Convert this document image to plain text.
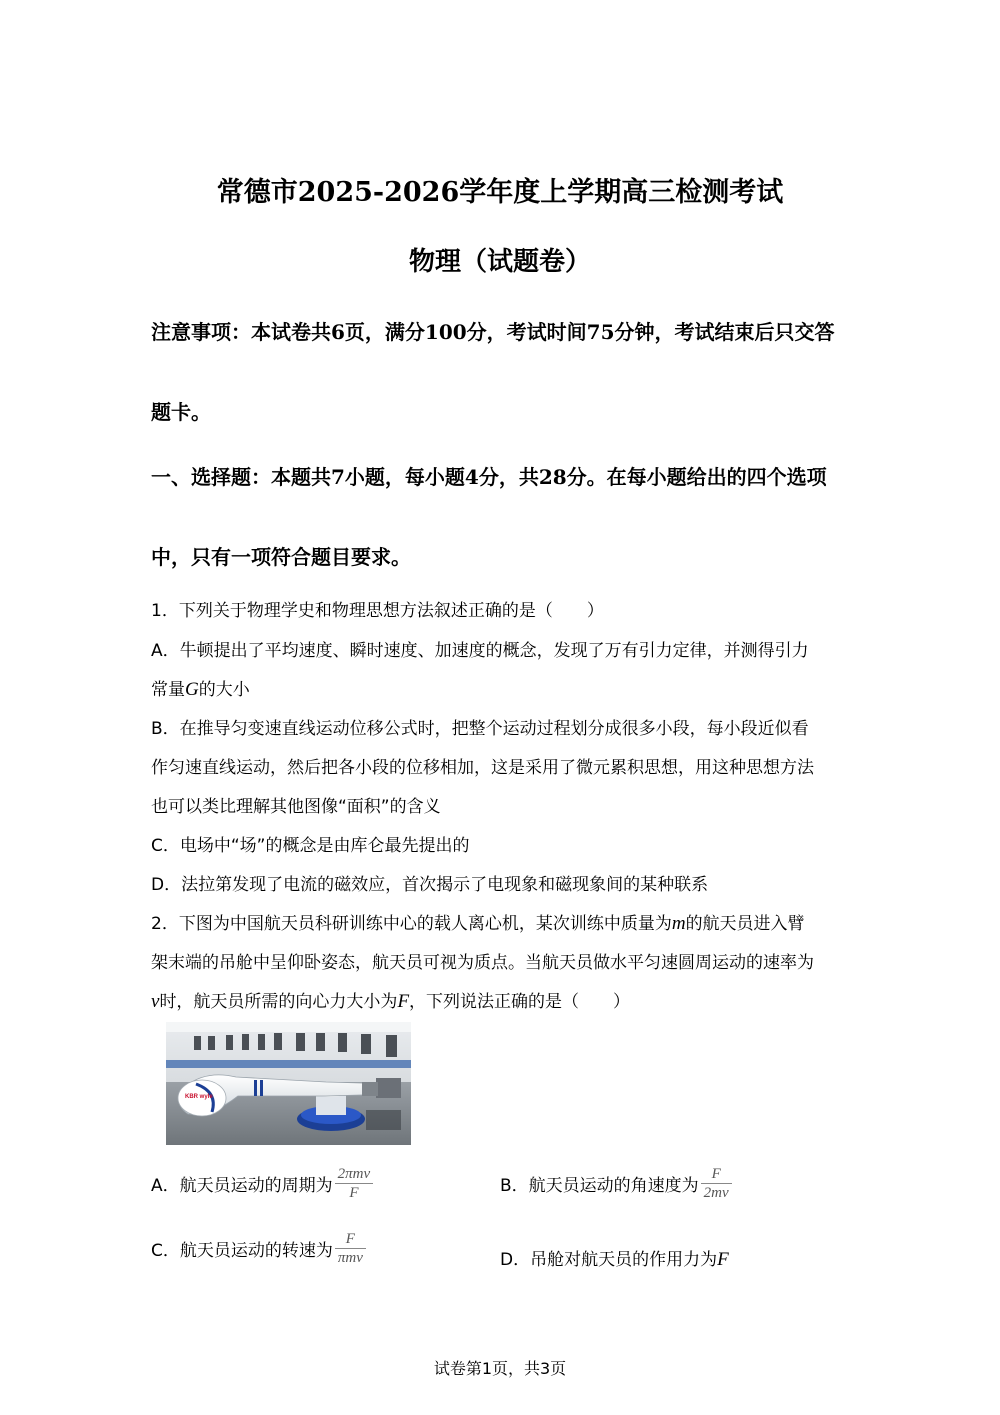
常德市2025-2026学年度上学期高三检测考试
物理（试题卷）
注意事项：本试卷共6页，满分100分，考试时间75分钟，考试结束后只交答
题卡。
一、选择题：本题共7小题，每小题4分，共28分。在每小题给出的四个选项
中，只有一项符合题目要求。
1．下列关于物理学史和物理思想方法叙述正确的是（　　）
A．牛顿提出了平均速度、瞬时速度、加速度的概念，发现了万有引力定律，并测得引力
常量G的大小
B．在推导匀变速直线运动位移公式时，把整个运动过程划分成很多小段，每小段近似看
作匀速直线运动，然后把各小段的位移相加，这是采用了微元累积思想，用这种思想方法
也可以类比理解其他图像“面积”的含义
C．电场中“场”的概念是由库仑最先提出的
D．法拉第发现了电流的磁效应，首次揭示了电现象和磁现象间的某种联系
2．下图为中国航天员科研训练中心的载人离心机，某次训练中质量为m的航天员进入臂
架末端的吊舱中呈仰卧姿态，航天员可视为质点。当航天员做水平匀速圆周运动的速率为
v时，航天员所需的向心力大小为F，下列说法正确的是（　　）
KBR wyle
A．航天员运动的周期为 $\frac{\text{2πmv}}{F}$	B．航天员运动的角速度为 $\frac{F}{2mv}$
C．航天员运动的转速为 $\frac{F}{\text{πmv}}$	D．吊舱对航天员的作用力为F
试卷第1页，共3页
